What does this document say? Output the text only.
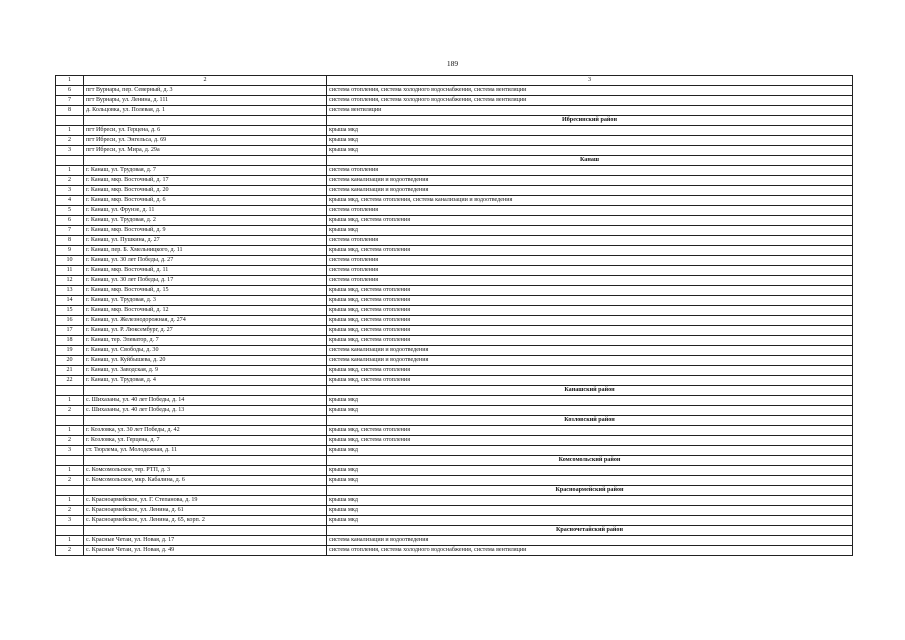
189
1	2	3
6	пгт Вурнары, пер. Северный, д. 3	система отопления, система холодного водоснабжения, система вентиляции
7	пгт Вурнары, ул. Ленина, д. 111	система отопления, система холодного водоснабжения, система вентиляции
8	д. Кольцовка, ул. Полевая, д. 1	система вентиляции
		Ибресинский район
1	пгт Ибреси, ул. Герцена, д. 6	крыша мкд
2	пгт Ибреси, ул. Энгельса, д. 69	крыша мкд
3	пгт Ибреси, ул. Мира, д. 29а	крыша мкд
		Канаш
1	г. Канаш, ул. Трудовая, д. 7	система отопления
2	г. Канаш, мкр. Восточный, д. 17	система канализации и водоотведения
3	г. Канаш, мкр. Восточный, д. 20	система канализации и водоотведения
4	г. Канаш, мкр. Восточный, д. 6	крыша мкд, система отопления, система канализации и водоотведения
5	г. Канаш, ул. Фрунзе, д. 11	система отопления
6	г. Канаш, ул. Трудовая, д. 2	крыша мкд, система отопления
7	г. Канаш, мкр. Восточный, д. 9	крыша мкд
8	г. Канаш, ул. Пушкина, д. 27	система отопления
9	г. Канаш, пер. Б. Хмельницкого, д. 11	крыша мкд, система отопления
10	г. Канаш, ул. 30 лет Победы, д. 27	система отопления
11	г. Канаш, мкр. Восточный, д. 11	система отопления
12	г. Канаш, ул. 30 лет Победы, д. 17	система отопления
13	г. Канаш, мкр. Восточный, д. 15	крыша мкд, система отопления
14	г. Канаш, ул. Трудовая, д. 3	крыша мкд, система отопления
15	г. Канаш, мкр. Восточный, д. 12	крыша мкд, система отопления
16	г. Канаш, ул. Железнодорожная, д. 274	крыша мкд, система отопления
17	г. Канаш, ул. Р. Люксембург, д. 27	крыша мкд, система отопления
18	г. Канаш, тер. Элеватор, д. 7	крыша мкд, система отопления
19	г. Канаш, ул. Свободы, д. 30	система канализации и водоотведения
20	г. Канаш, ул. Куйбышева, д. 20	система канализации и водоотведения
21	г. Канаш, ул. Заводская, д. 9	крыша мкд, система отопления
22	г. Канаш, ул. Трудовая, д. 4	крыша мкд, система отопления
		Канашский район
1	с. Шихазаны, ул. 40 лет Победы, д. 14	крыша мкд
2	с. Шихазаны, ул. 40 лет Победы, д. 13	крыша мкд
		Козловский район
1	г. Козловка, ул. 30 лет Победы, д. 42	крыша мкд, система отопления
2	г. Козловка, ул. Герцена, д. 7	крыша мкд, система отопления
3	ст. Тюрлема, ул. Молодежная, д. 11	крыша мкд
		Комсомольский район
1	с. Комсомольское, тер. РТП, д. 3	крыша мкд
2	с. Комсомольское, мкр. Кабалина, д. 6	крыша мкд
		Красноармейский район
1	с. Красноармейское, ул. Г. Степанова, д. 19	крыша мкд
2	с. Красноармейское, ул. Ленина, д. 61	крыша мкд
3	с. Красноармейское, ул. Ленина, д. 65, корп. 2	крыша мкд
		Красночетайский район
1	с. Красные Четаи, ул. Новая, д. 17	система канализации и водоотведения
2	с. Красные Четаи, ул. Новая, д. 49	система отопления, система холодного водоснабжения, система вентиляции
